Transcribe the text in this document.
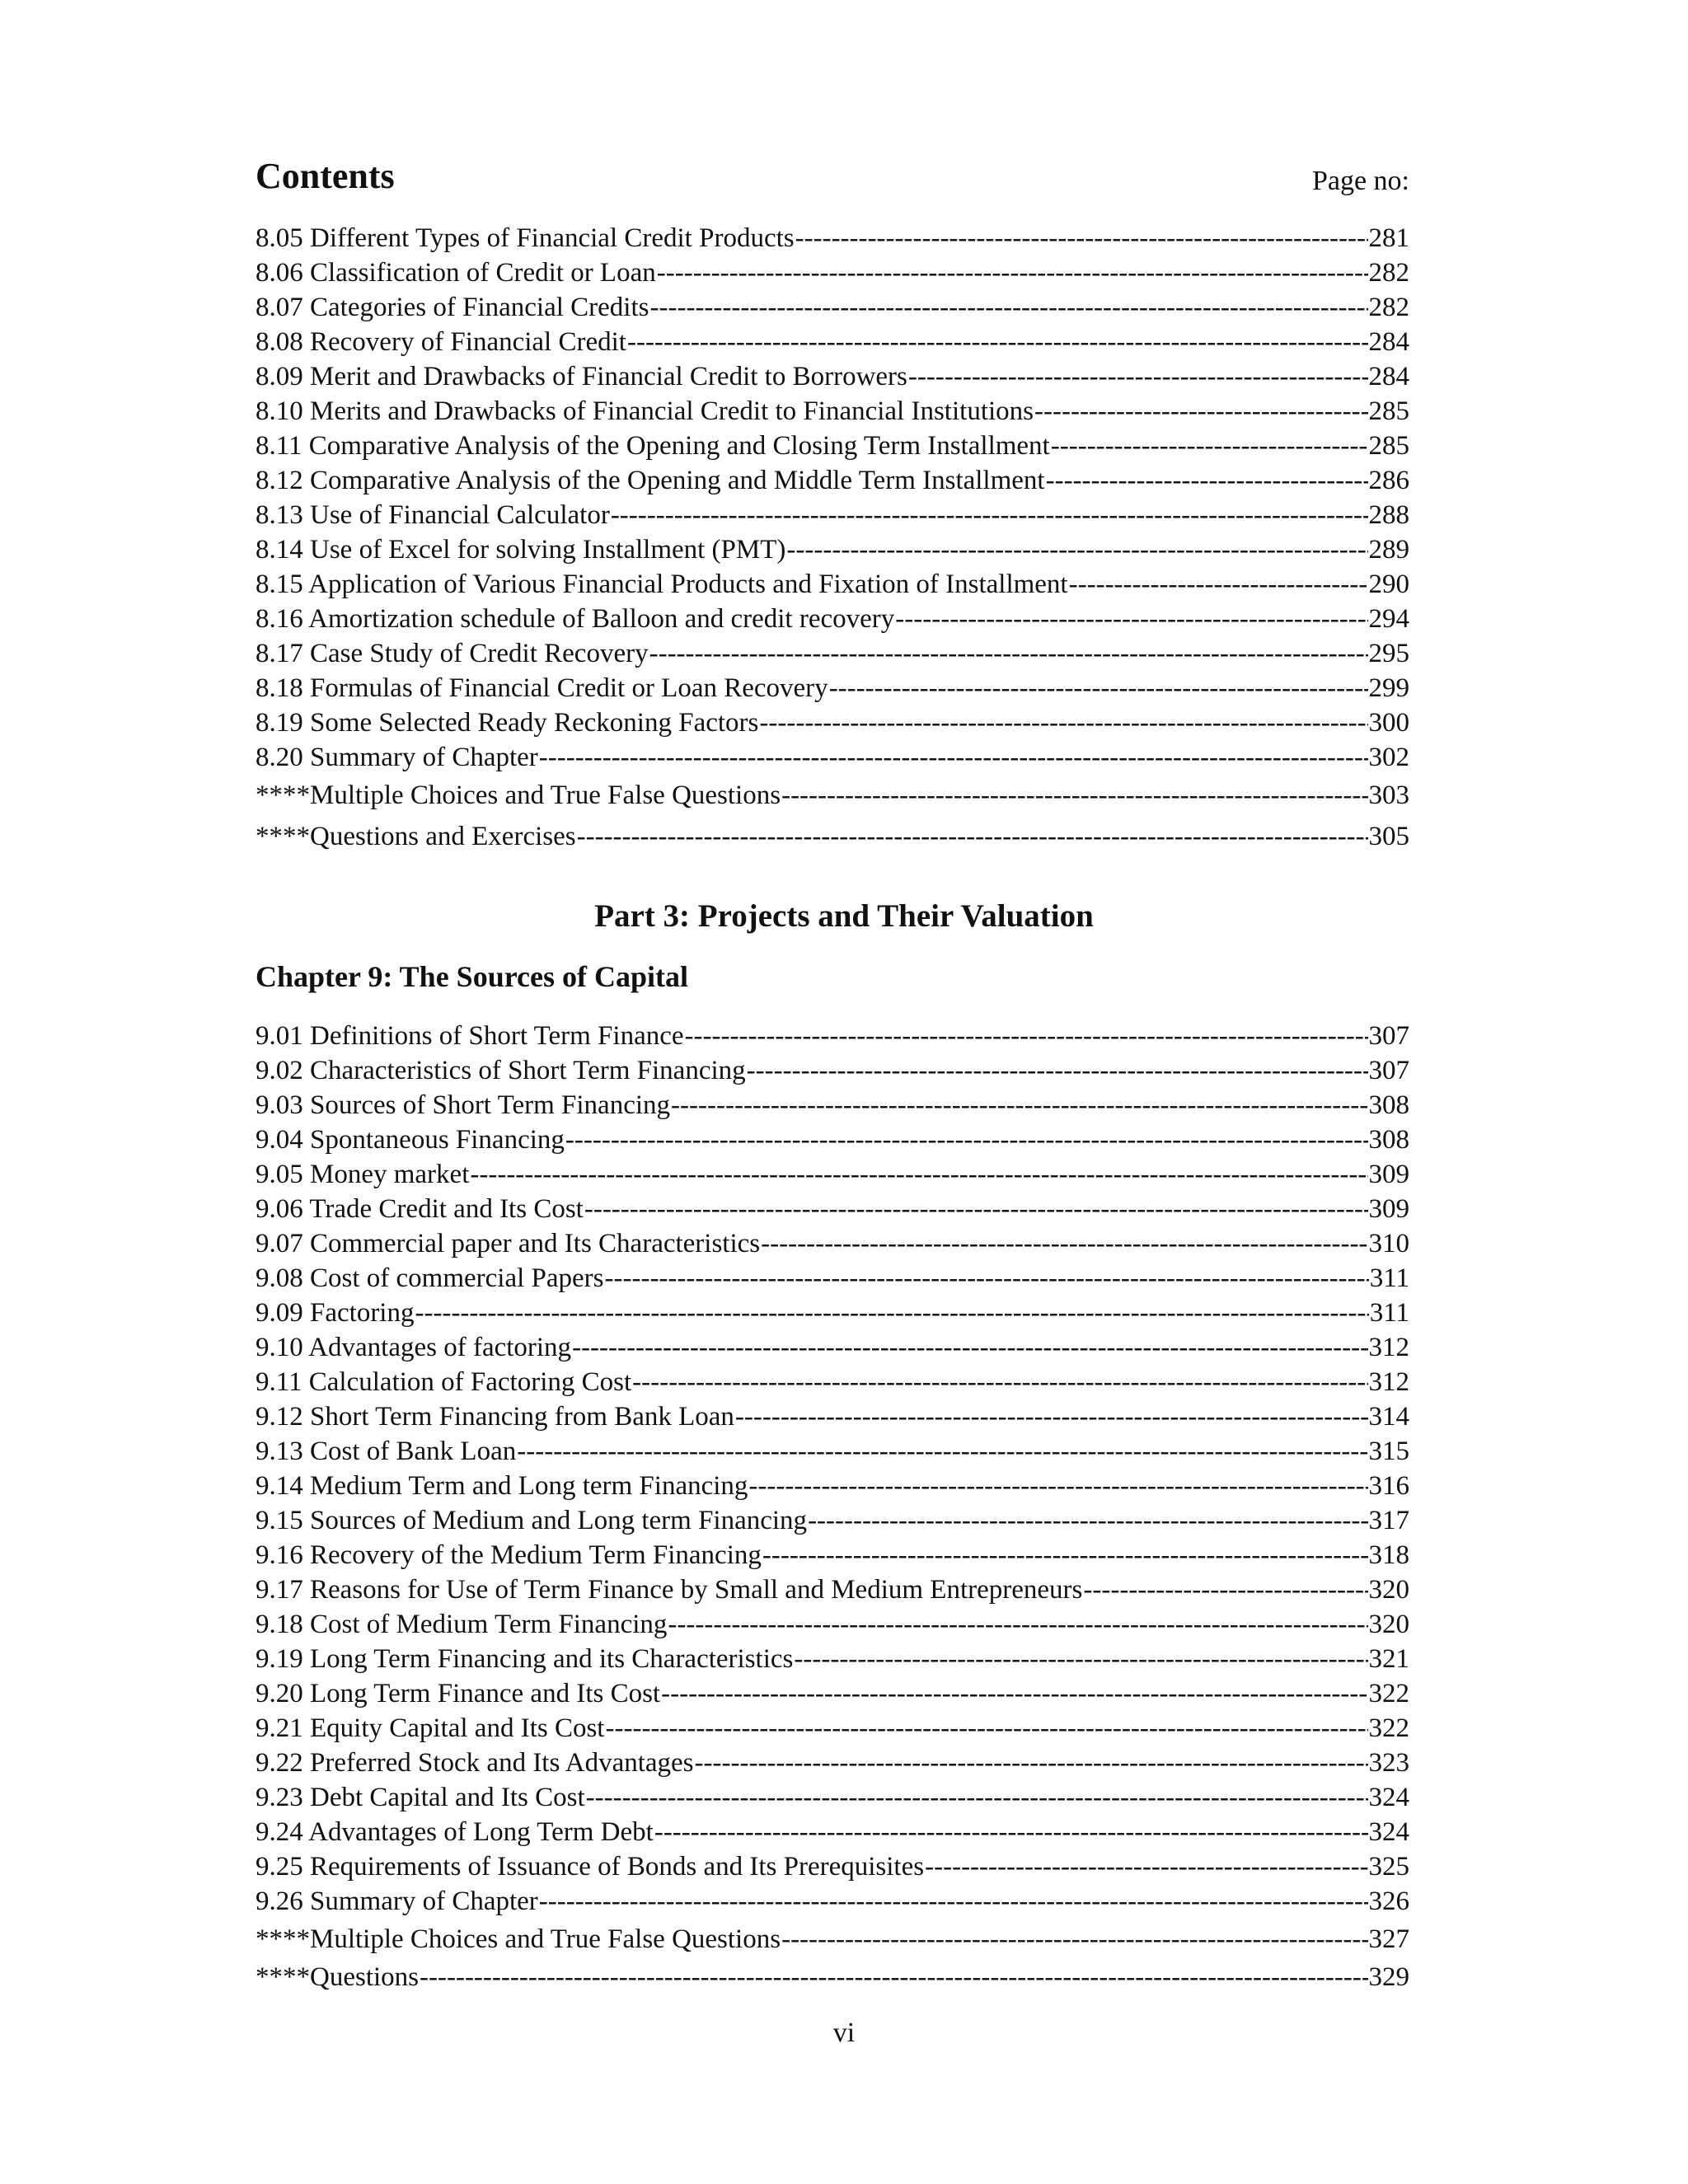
Contents	Page no:
8.05 Different Types of Financial Credit Products -----	281
8.06 Classification of Credit or Loan -----	282
8.07 Categories of Financial Credits -----	282
8.08 Recovery of Financial Credit -----	284
8.09 Merit and Drawbacks of Financial Credit to Borrowers -----	284
8.10 Merits and Drawbacks of Financial Credit to Financial Institutions -----	285
8.11 Comparative Analysis of the Opening and Closing Term Installment -----	285
8.12 Comparative Analysis of the Opening and Middle Term Installment -----	286
8.13 Use of Financial Calculator -----	288
8.14 Use of Excel for solving Installment (PMT) -----	289
8.15 Application of Various Financial Products and Fixation of Installment -----	290
8.16 Amortization schedule of Balloon and credit recovery -----	294
8.17 Case Study of Credit Recovery -----	295
8.18 Formulas of Financial Credit or Loan Recovery -----	299
8.19 Some Selected Ready Reckoning Factors -----	300
8.20 Summary of Chapter -----	302
****Multiple Choices and True False Questions -----	303
****Questions and Exercises -----	305
Part 3: Projects and Their Valuation
Chapter 9: The Sources of Capital
9.01 Definitions of Short Term Finance -----	307
9.02 Characteristics of Short Term Financing -----	307
9.03 Sources of Short Term Financing -----	308
9.04 Spontaneous Financing -----	308
9.05 Money market -----	309
9.06 Trade Credit and Its Cost -----	309
9.07 Commercial paper and Its Characteristics -----	310
9.08 Cost of commercial Papers -----	311
9.09 Factoring -----	311
9.10 Advantages of factoring -----	312
9.11 Calculation of Factoring Cost -----	312
9.12 Short Term Financing from Bank Loan -----	314
9.13 Cost of Bank Loan -----	315
9.14 Medium Term and Long term Financing -----	316
9.15 Sources of Medium and Long term Financing -----	317
9.16 Recovery of the Medium Term Financing -----	318
9.17 Reasons for Use of Term Finance by Small and Medium Entrepreneurs -----	320
9.18 Cost of Medium Term Financing -----	320
9.19 Long Term Financing and its Characteristics -----	321
9.20 Long Term Finance and Its Cost -----	322
9.21 Equity Capital and Its Cost -----	322
9.22 Preferred Stock and Its Advantages -----	323
9.23 Debt Capital and Its Cost -----	324
9.24 Advantages of Long Term Debt -----	324
9.25 Requirements of Issuance of Bonds and Its Prerequisites -----	325
9.26 Summary of Chapter -----	326
****Multiple Choices and True False Questions -----	327
****Questions -----	329
vi
